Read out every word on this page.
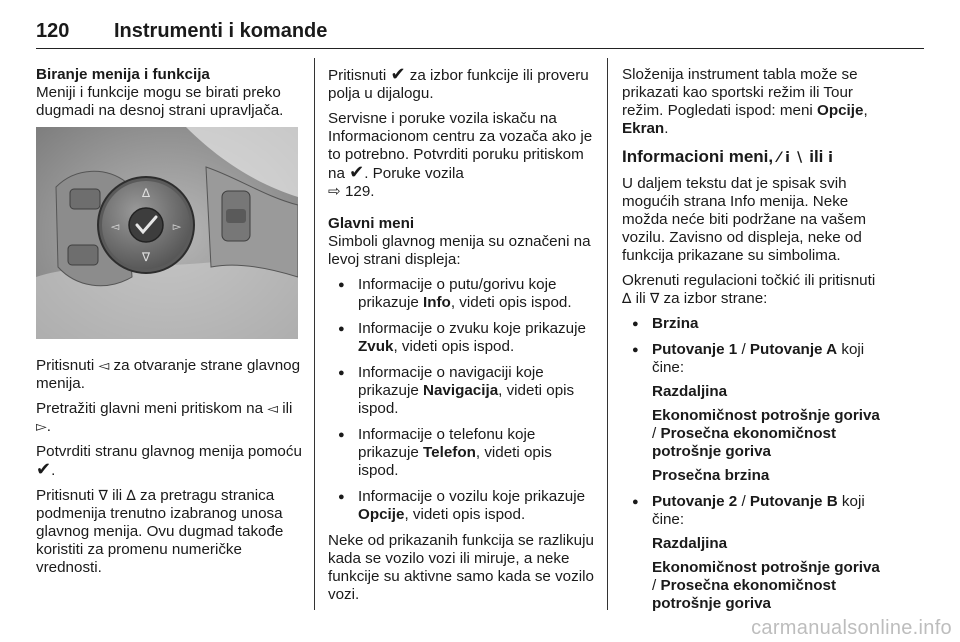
120 Instrumenti i komande

Biranje menija i funkcija

Meniji i funkcije mogu se birati preko dugmadi na desnoj strani upravljača.

∆
∇
◅	▻

Pritisnuti ◅ za otvaranje strane glavnog menija.

Pretražiti glavni meni pritiskom na ◅ ili ▻.

Potvrditi stranu glavnog menija pomoću ✔.

Pritisnuti ∇ ili ∆ za pretragu stranica podmenija trenutno izabranog unosa glavnog menija. Ovu dugmad takođe koristiti za promenu numeričke vrednosti.

Pritisnuti ✔ za izbor funkcije ili proveru polja u dijalogu.

Servisne i poruke vozila iskaču na Informacionom centru za vozača ako je to potrebno. Potvrditi poruku pritiskom na ✔. Poruke vozila
⇨ 129.

Glavni meni

Simboli glavnog menija su označeni na levoj strani displeja:

● Informacije o putu/gorivu koje prikazuje Info, videti opis ispod.
● Informacije o zvuku koje prikazuje Zvuk, videti opis ispod.
● Informacije o navigaciji koje prikazuje Navigacija, videti opis ispod.
● Informacije o telefonu koje prikazuje Telefon, videti opis ispod.
● Informacije o vozilu koje prikazuje Opcije, videti opis ispod.

Neke od prikazanih funkcija se razlikuju kada se vozilo vozi ili miruje, a neke funkcije su aktivne samo kada se vozilo vozi.

Složenija instrument tabla može se prikazati kao sportski režim ili Tour režim. Pogledati ispod: meni Opcije, Ekran.

Informacioni meni, ⁄ i ∖ ili i

U daljem tekstu dat je spisak svih mogućih strana Info menija. Neke možda neće biti podržane na vašem vozilu. Zavisno od displeja, neke od funkcija prikazane su simbolima.

Okrenuti regulacioni točkić ili pritisnuti ∆ ili ∇ za izbor strane:

● Brzina
● Putovanje 1 / Putovanje A koji čine:

Razdaljina

Ekonomičnost potrošnje goriva / Prosečna ekonomičnost potrošnje goriva

Prosečna brzina

● Putovanje 2 / Putovanje B koji čine:

Razdaljina

Ekonomičnost potrošnje goriva / Prosečna ekonomičnost potrošnje goriva

carmanualsonline.info
